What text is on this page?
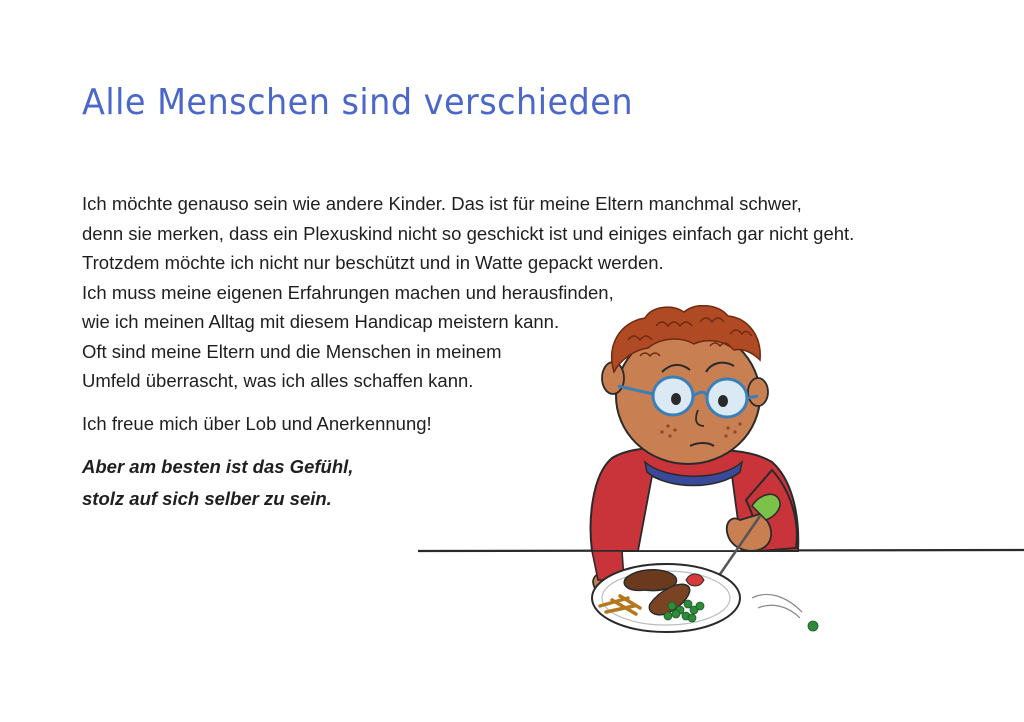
Alle Menschen sind verschieden
Ich möchte genauso sein wie andere Kinder. Das ist für meine Eltern manchmal schwer,
denn sie merken, dass ein Plexuskind nicht so geschickt ist und einiges einfach gar nicht geht.
Trotzdem möchte ich nicht nur beschützt und in Watte gepackt werden.
Ich muss meine eigenen Erfahrungen machen und herausfinden,
wie ich meinen Alltag mit diesem Handicap meistern kann.
Oft sind meine Eltern und die Menschen in meinem
Umfeld überrascht, was ich alles schaffen kann.
Ich freue mich über Lob und Anerkennung!
Aber am besten ist das Gefühl,
stolz auf sich selber zu sein.
